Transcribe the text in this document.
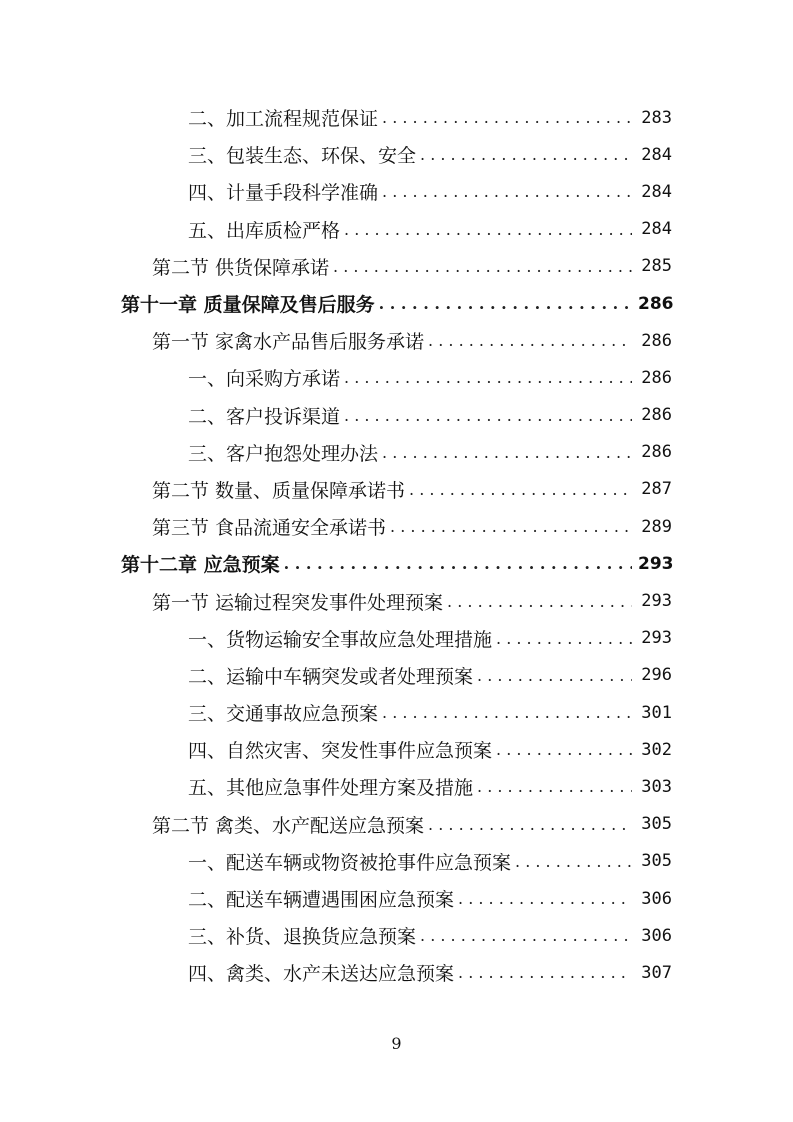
二、加工流程规范保证 . . .	283
三、包装生态、环保、安全 . . .	284
四、计量手段科学准确 . . .	284
五、出库质检严格 . . .	284
第二节 供货保障承诺 . . .	285
第十一章 质量保障及售后服务 . . .	286
第一节 家禽水产品售后服务承诺 . . .	286
一、向采购方承诺 . . .	286
二、客户投诉渠道 . . .	286
三、客户抱怨处理办法 . . .	286
第二节 数量、质量保障承诺书 . . .	287
第三节 食品流通安全承诺书 . . .	289
第十二章 应急预案 . . .	293
第一节 运输过程突发事件处理预案 . . .	293
一、货物运输安全事故应急处理措施 . . .	293
二、运输中车辆突发或者处理预案 . . .	296
三、交通事故应急预案 . . .	301
四、自然灾害、突发性事件应急预案 . . .	302
五、其他应急事件处理方案及措施 . . .	303
第二节 禽类、水产配送应急预案 . . .	305
一、配送车辆或物资被抢事件应急预案 . . .	305
二、配送车辆遭遇围困应急预案 . . .	306
三、补货、退换货应急预案 . . .	306
四、禽类、水产未送达应急预案 . . .	307
9
